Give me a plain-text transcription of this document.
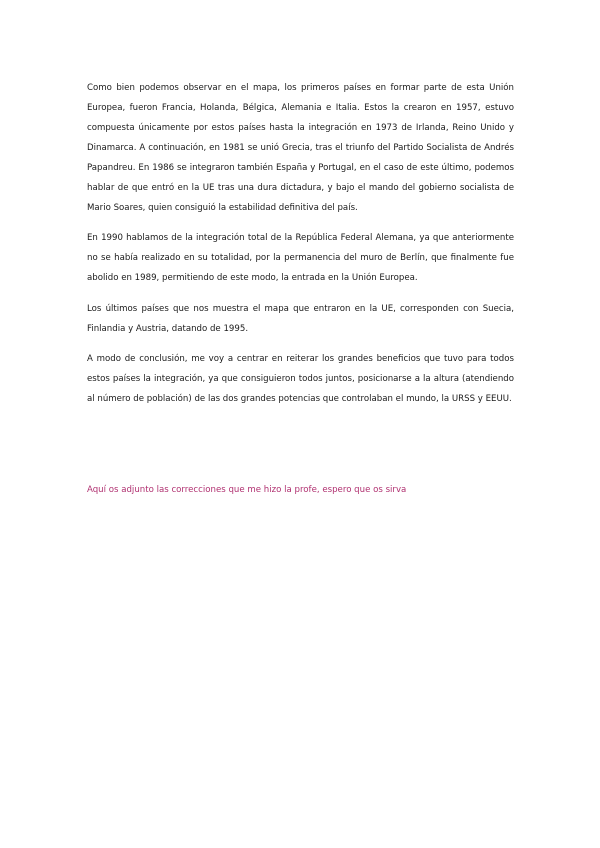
Como bien podemos observar en el mapa, los primeros países en formar parte de esta Unión Europea, fueron Francia, Holanda, Bélgica, Alemania e Italia. Estos la crearon en 1957, estuvo compuesta únicamente por estos países hasta la integración en 1973 de Irlanda, Reino Unido y Dinamarca. A continuación, en 1981 se unió Grecia, tras el triunfo del Partido Socialista de Andrés Papandreu. En 1986 se integraron también España y Portugal, en el caso de este último, podemos hablar de que entró en la UE tras una dura dictadura, y bajo el mando del gobierno socialista de Mario Soares, quien consiguió la estabilidad definitiva del país.

En 1990 hablamos de la integración total de la República Federal Alemana, ya que anteriormente no se había realizado en su totalidad, por la permanencia del muro de Berlín, que finalmente fue abolido en 1989, permitiendo de este modo, la entrada en la Unión Europea.

Los últimos países que nos muestra el mapa que entraron en la UE, corresponden con Suecia, Finlandia y Austria, datando de 1995.

A modo de conclusión, me voy a centrar en reiterar los grandes beneficios que tuvo para todos estos países la integración, ya que consiguieron todos juntos, posicionarse a la altura (atendiendo al número de población) de las dos grandes potencias que controlaban el mundo, la URSS y EEUU.

Aquí os adjunto las correcciones que me hizo la profe, espero que os sirva
